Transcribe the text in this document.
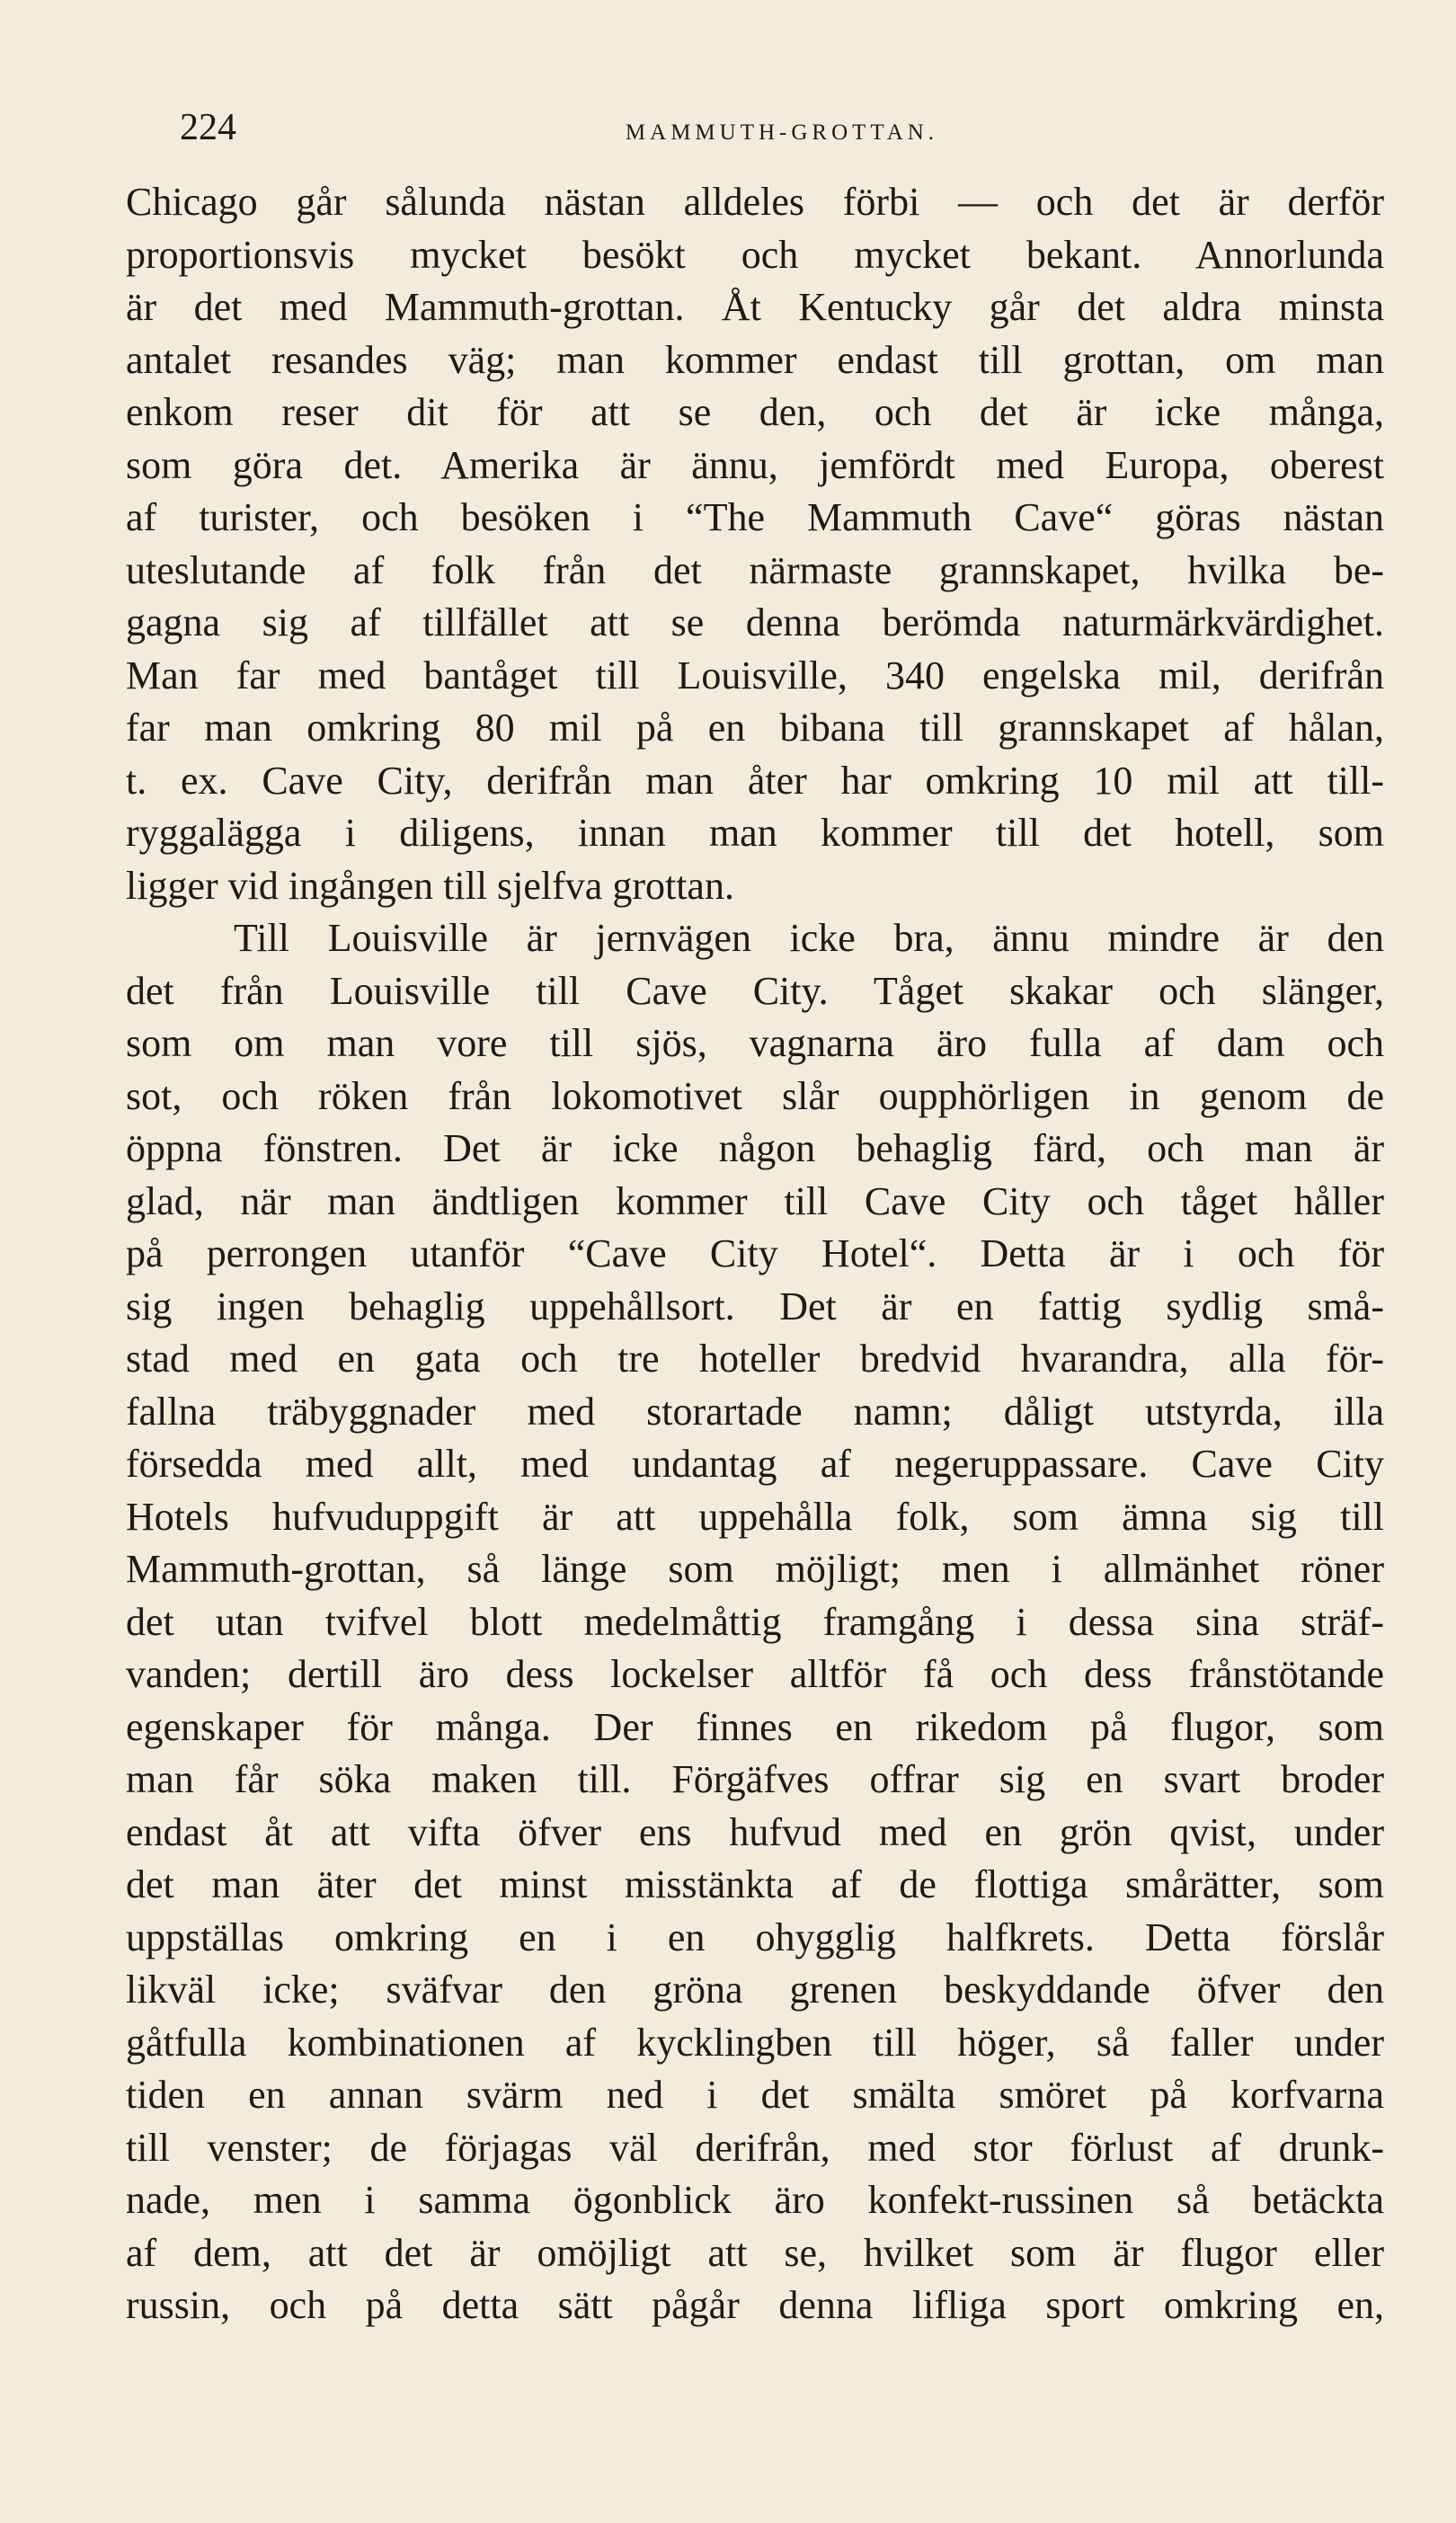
224	MAMMUTH-GROTTAN.
Chicago går sålunda nästan alldeles förbi — och det är derför
proportionsvis mycket besökt och mycket bekant. Annorlunda
är det med Mammuth-grottan. Åt Kentucky går det aldra minsta
antalet resandes väg; man kommer endast till grottan, om man
enkom reser dit för att se den, och det är icke många,
som göra det. Amerika är ännu, jemfördt med Europa, oberest
af turister, och besöken i “The Mammuth Cave“ göras nästan
uteslutande af folk från det närmaste grannskapet, hvilka be-
gagna sig af tillfället att se denna berömda naturmärkvärdighet.
Man far med bantåget till Louisville, 340 engelska mil, derifrån
far man omkring 80 mil på en bibana till grannskapet af hålan,
t. ex. Cave City, derifrån man åter har omkring 10 mil att till-
ryggalägga i diligens, innan man kommer till det hotell, som
ligger vid ingången till sjelfva grottan.
Till Louisville är jernvägen icke bra, ännu mindre är den
det från Louisville till Cave City. Tåget skakar och slänger,
som om man vore till sjös, vagnarna äro fulla af dam och
sot, och röken från lokomotivet slår oupphörligen in genom de
öppna fönstren. Det är icke någon behaglig färd, och man är
glad, när man ändtligen kommer till Cave City och tåget håller
på perrongen utanför “Cave City Hotel“. Detta är i och för
sig ingen behaglig uppehållsort. Det är en fattig sydlig små-
stad med en gata och tre hoteller bredvid hvarandra, alla för-
fallna träbyggnader med storartade namn; dåligt utstyrda, illa
försedda med allt, med undantag af negeruppassare. Cave City
Hotels hufvuduppgift är att uppehålla folk, som ämna sig till
Mammuth-grottan, så länge som möjligt; men i allmänhet röner
det utan tvifvel blott medelmåttig framgång i dessa sina sträf-
vanden; dertill äro dess lockelser alltför få och dess frånstötande
egenskaper för många. Der finnes en rikedom på flugor, som
man får söka maken till. Förgäfves offrar sig en svart broder
endast åt att vifta öfver ens hufvud med en grön qvist, under
det man äter det minst misstänkta af de flottiga smårätter, som
uppställas omkring en i en ohygglig halfkrets. Detta förslår
likväl icke; sväfvar den gröna grenen beskyddande öfver den
gåtfulla kombinationen af kycklingben till höger, så faller under
tiden en annan svärm ned i det smälta smöret på korfvarna
till venster; de förjagas väl derifrån, med stor förlust af drunk-
nade, men i samma ögonblick äro konfekt-russinen så betäckta
af dem, att det är omöjligt att se, hvilket som är flugor eller
russin, och på detta sätt pågår denna lifliga sport omkring en,
